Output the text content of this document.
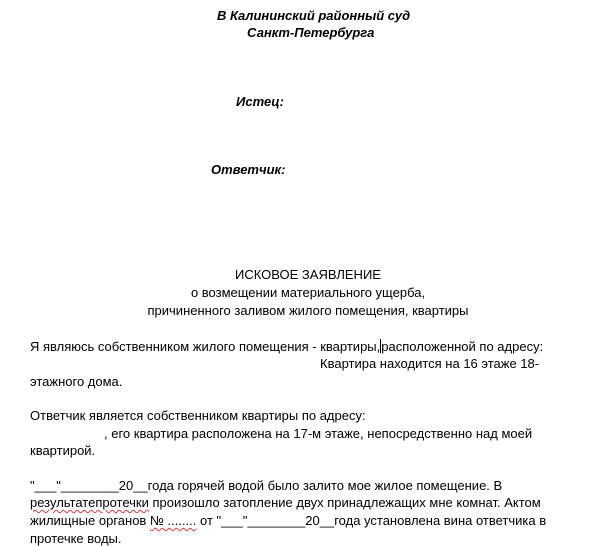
В Калининский районный суд
Санкт-Петербурга
Истец:
Ответчик:
ИСКОВОЕ ЗАЯВЛЕНИЕ
о возмещении материального ущерба,
причиненного заливом жилого помещения, квартиры
Я являюсь собственником жилого помещения - квартиры,расположенной по адресу:
Квартира находится на 16 этаже 18-
этажного дома.
Ответчик является собственником квартиры по адресу:
, его квартира расположена на 17-м этаже, непосредственно над моей
квартирой.
"___"________20__года горячей водой было залито мое жилое помещение. В
результатепротечки произошло затопление двух принадлежащих мне комнат. Актом
жилищные органов № ........ от "___"________20__года установлена вина ответчика в
протечке воды.
